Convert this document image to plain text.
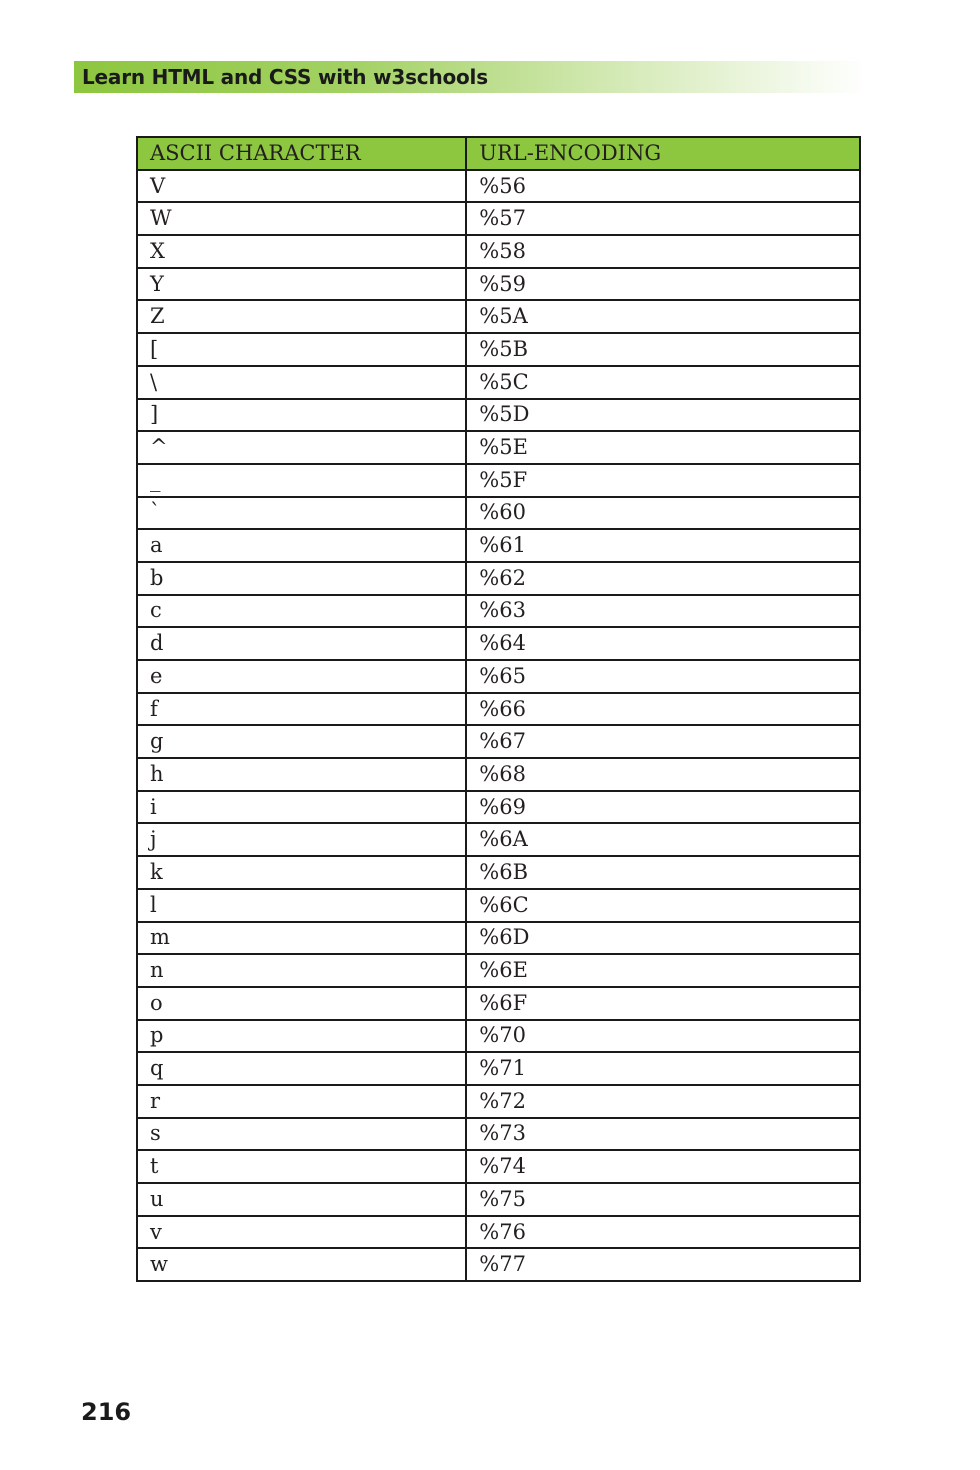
Learn HTML and CSS with w3schools
ASCII CHARACTER	URL-ENCODING
V	%56
W	%57
X	%58
Y	%59
Z	%5A
[	%5B
\	%5C
]	%5D
^	%5E
_	%5F
`	%60
a	%61
b	%62
c	%63
d	%64
e	%65
f	%66
g	%67
h	%68
i	%69
j	%6A
k	%6B
l	%6C
m	%6D
n	%6E
o	%6F
p	%70
q	%71
r	%72
s	%73
t	%74
u	%75
v	%76
w	%77
216
